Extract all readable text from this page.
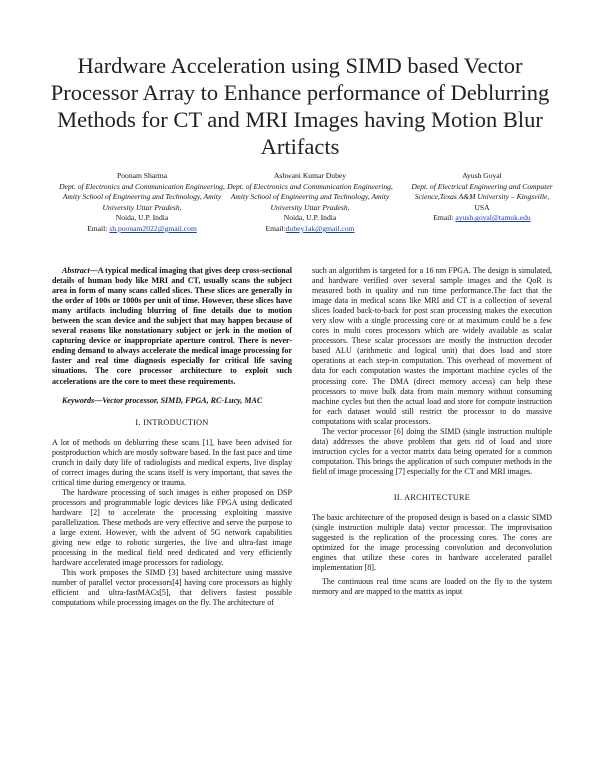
Hardware Acceleration using SIMD based Vector Processor Array to Enhance performance of Deblurring Methods for CT and MRI Images having Motion Blur Artifacts
Poonam Sharma
Dept. of Electronics and Communication Engineering, Amity School of Engineering and Technology, Amity University Uttar Pradesh,
Noida, U.P. India
Email: sh.poonam2022@gmail.com
Ashwani Kumar Dubey
Dept. of Electronics and Communication Engineering, Amity School of Engineering and Technology, Amity University Uttar Pradesh,
Noida, U.P. India
Email:dubey1ak@gmail.com
Ayush Goyal
Dept. of Electrical Engineering and Computer Science,Texas A&M University – Kingsville,
USA
Email: ayush.goyal@tamuk.edu

Abstract—A typical medical imaging that gives deep cross-sectional details of human body like MRI and CT, usually scans the subject area in form of many scans called slices. These slices are generally in the order of 100s or 1000s per unit of time. However, these slices have many artifacts including blurring of fine details due to motion between the scan device and the subject that may happen because of several reasons like nonstationary subject or jerk in the motion of capturing device or inappropriate aperture control. There is never-ending demand to always accelerate the medical image processing for faster and real time diagnosis especially for critical life saving situations. The core processor architecture to exploit such accelerations are the core to meet these requirements.

Keywords—Vector processor, SIMD, FPGA, RC-Lucy, MAC

I. INTRODUCTION

A lot of methods on deblurring these scans [1], have been advised for postproduction which are mostly software based. In the fast pace and time crunch in daily duty life of radiologists and medical experts, live display of correct images during the scans itself is very important, that saves the critical time during emergency or trauma.

The hardware processing of such images is either proposed on DSP processors and programmable logic devices like FPGA using dedicated hardware [2] to accelerate the processing exploiting massive parallelization. These methods are very effective and serve the purpose to a large extent. However, with the advent of 5G network capabilities giving new edge to robotic surgeries, the live and ultra-fast image processing in the medical field need dedicated and very efficiently hardware accelerated image processors for radiology.

This work proposes the SIMD [3] based architecture using massive number of parallel vector processors[4] having core processors as highly efficient and ultra-fastMACs[5], that delivers fastest possible computations while processing images on the fly. The architecture of

such an algorithm is targeted for a 16 nm FPGA. The design is simulated, and hardware verified over several sample images and the QoR is measured both in quality and run time performance.The fact that the image data in medical scans like MRI and CT is a collection of several slices loaded back-to-back for post scan processing makes the execution very slow with a single processing core or at maximum could be a few cores in multi cores processors which are widely available as scalar processors. These scalar processors are mostly the instruction decoder based ALU (arithmetic and logical unit) that does load and store operations at each step-in computation. This overhead of movement of data for each computation wastes the important machine cycles of the processing core. The DMA (direct memory access) can help these processors to move bulk data from main memory without consuming machine cycles but then the actual load and store for compute instruction for each dataset would still restrict the processor to do massive computations with scalar processors.

The vector processor [6] doing the SIMD (single instruction multiple data) addresses the above problem that gets rid of load and store instruction cycles for a vector matrix data being operated for a common computation. This brings the application of such computer methods in the field of image processing [7] especially for the CT and MRI images.

II. ARCHITECTURE

The basic architecture of the proposed design is based on a classic SIMD (single instruction multiple data) vector processor. The improvisation suggested is the replication of the processing cores. The cores are optimized for the image processing convolution and deconvolution engines that utilize these cores in hardware accelerated parallel implementation [8].

The continuous real time scans are loaded on the fly to the system memory and are mapped to the matrix as input
